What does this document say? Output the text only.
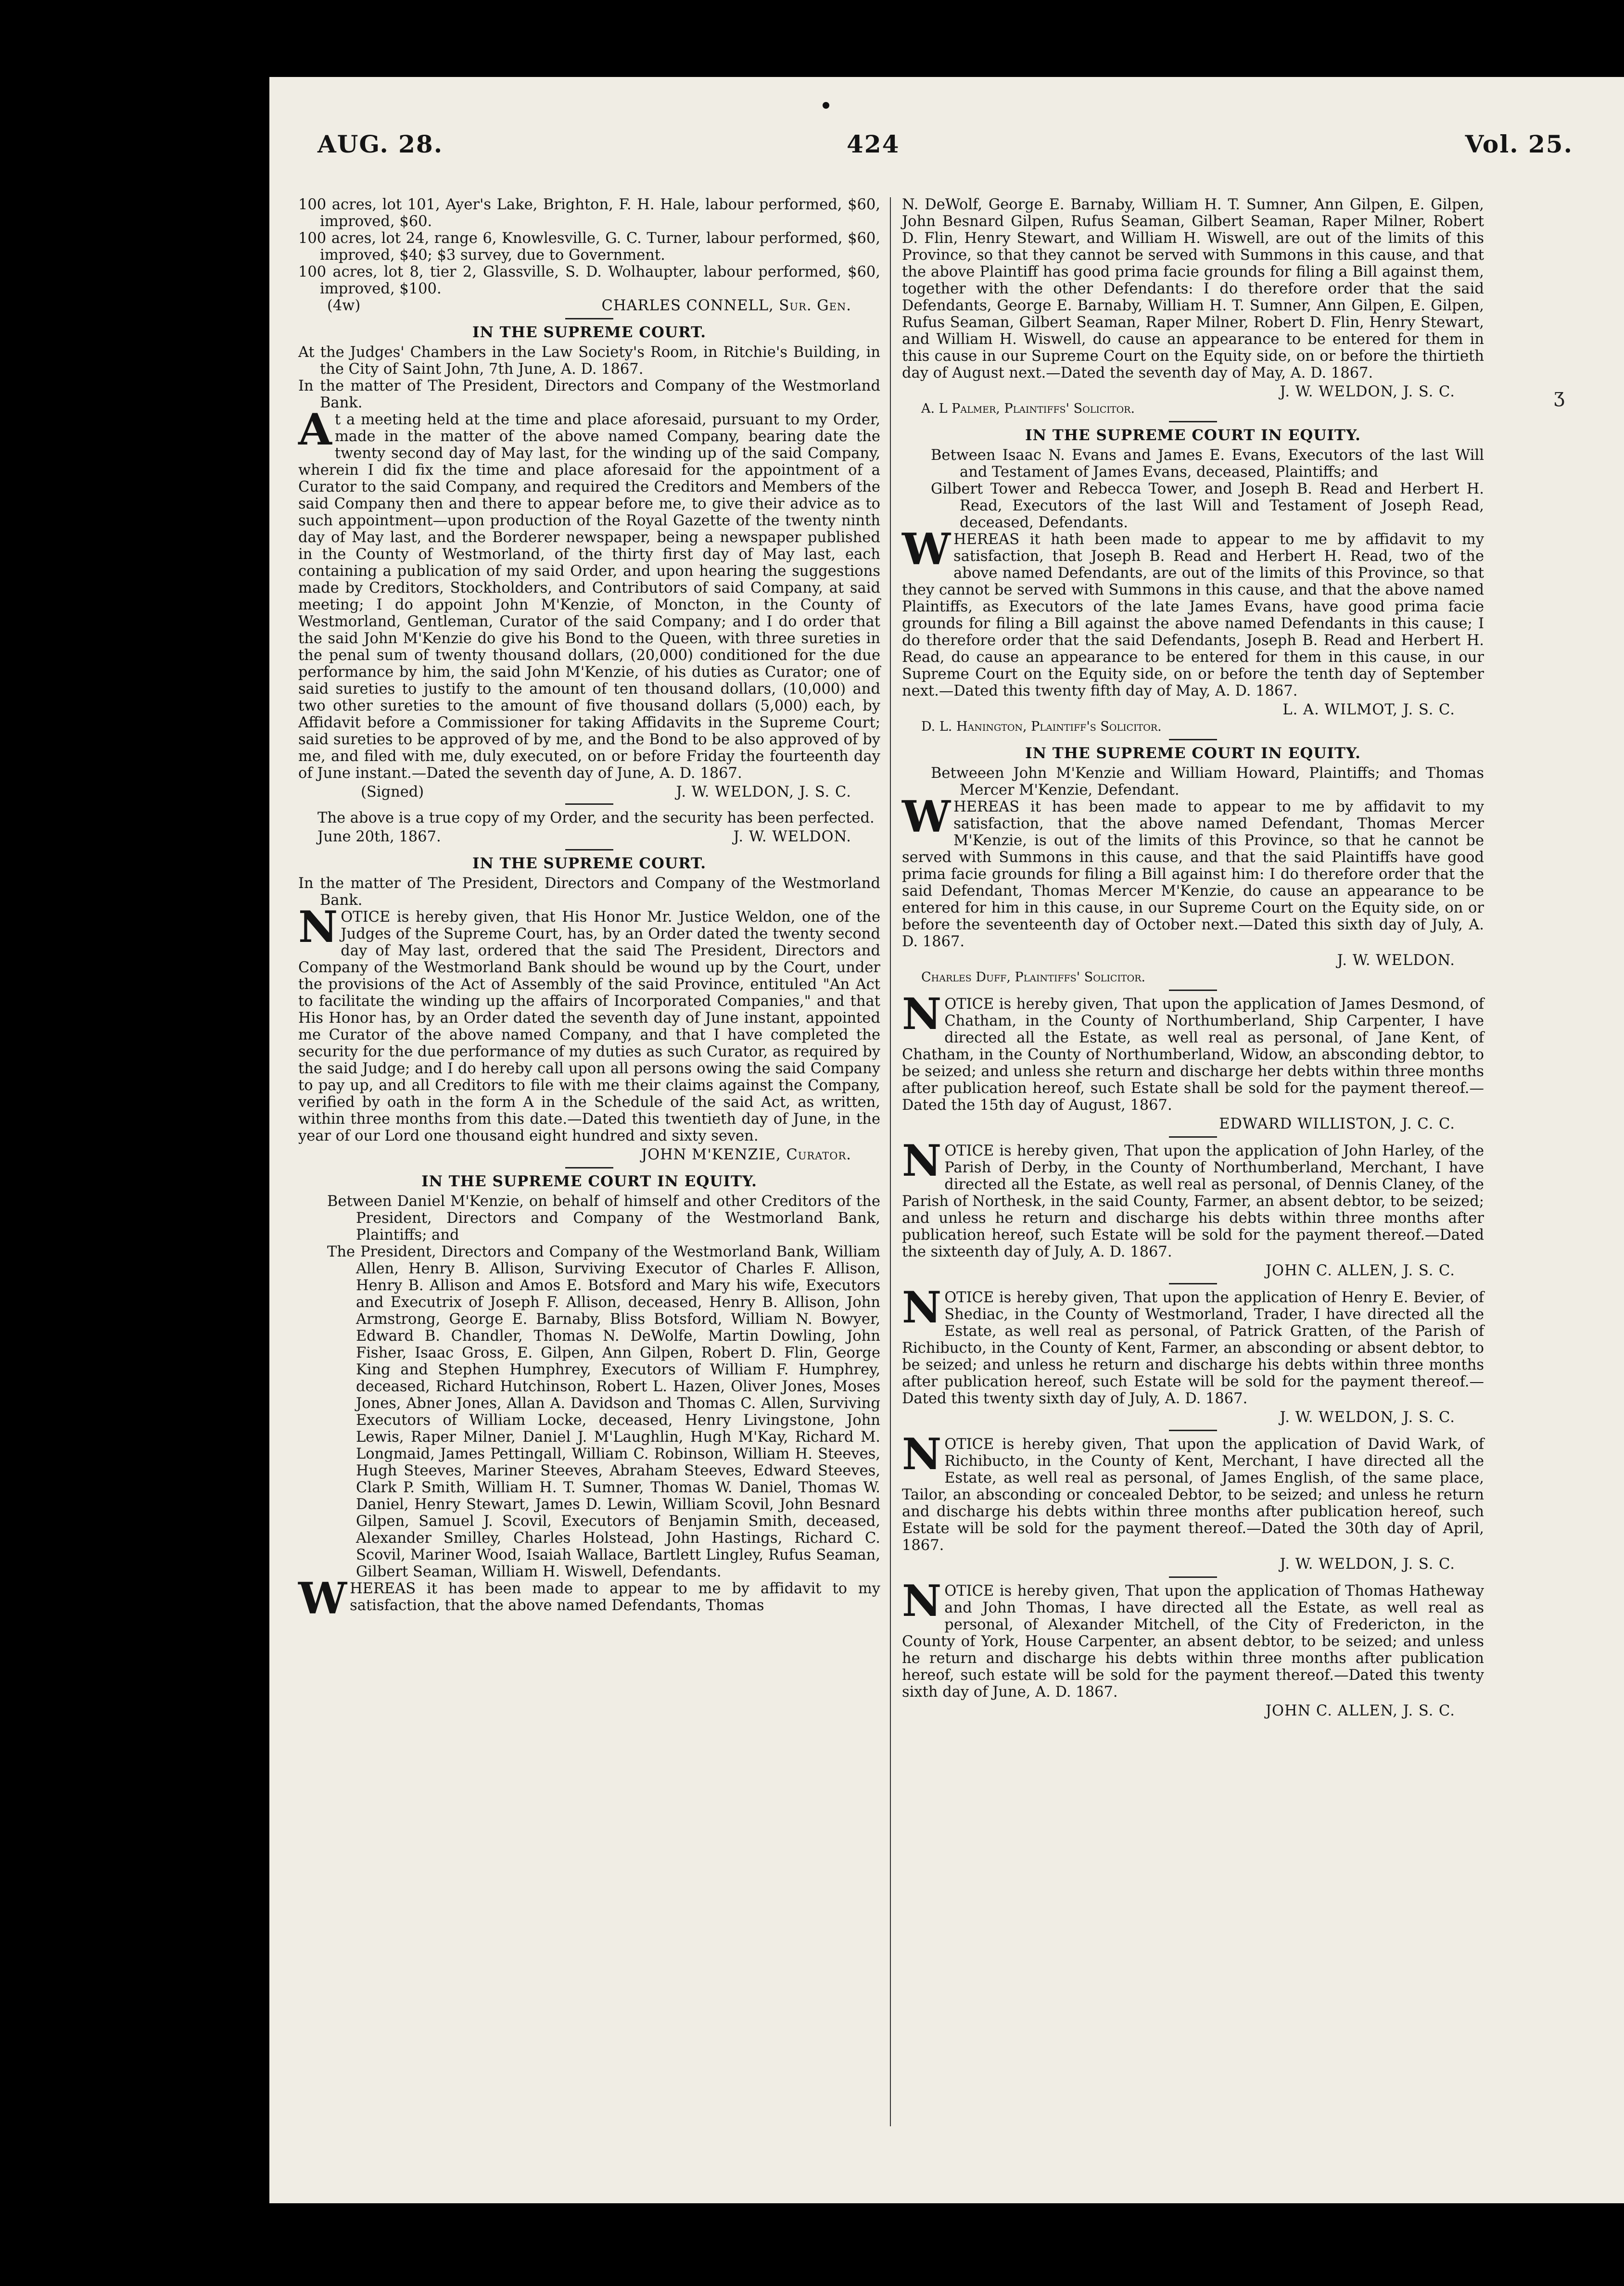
AUG. 28.	424	Vol. 25.
ʒ

100 acres, lot 101, Ayer's Lake, Brighton, F. H. Hale, labour performed, $60, improved, $60.

100 acres, lot 24, range 6, Knowlesville, G. C. Turner, labour performed, $60, improved, $40; $3 survey, due to Government.

100 acres, lot 8, tier 2, Glassville, S. D. Wolhaupter, labour performed, $60, improved, $100.

(4w)	CHARLES CONNELL, Sur. Gen.
IN THE SUPREME COURT.

At the Judges' Chambers in the Law Society's Room, in Ritchie's Building, in the City of Saint John, 7th June, A. D. 1867.

In the matter of The President, Directors and Company of the Westmorland Bank.

At a meeting held at the time and place aforesaid, pursuant to my Order, made in the matter of the above named Company, bearing date the twenty second day of May last, for the winding up of the said Company, wherein I did fix the time and place aforesaid for the appointment of a Curator to the said Company, and required the Creditors and Members of the said Company then and there to appear before me, to give their advice as to such appointment—upon production of the Royal Gazette of the twenty ninth day of May last, and the Borderer newspaper, being a newspaper published in the County of Westmorland, of the thirty first day of May last, each containing a publication of my said Order, and upon hearing the suggestions made by Creditors, Stockholders, and Contributors of said Company, at said meeting; I do appoint John M'Kenzie, of Moncton, in the County of Westmorland, Gentleman, Curator of the said Company; and I do order that the said John M'Kenzie do give his Bond to the Queen, with three sureties in the penal sum of twenty thousand dollars, (20,000) conditioned for the due performance by him, the said John M'Kenzie, of his duties as Curator; one of said sureties to justify to the amount of ten thousand dollars, (10,000) and two other sureties to the amount of five thousand dollars (5,000) each, by Affidavit before a Commissioner for taking Affidavits in the Supreme Court; said sureties to be approved of by me, and the Bond to be also approved of by me, and filed with me, duly executed, on or before Friday the fourteenth day of June instant.—Dated the seventh day of June, A. D. 1867.

(Signed)	J. W. WELDON, J. S. C.

The above is a true copy of my Order, and the security has been perfected.

June 20th, 1867.	J. W. WELDON.
IN THE SUPREME COURT.

In the matter of The President, Directors and Company of the Westmorland Bank.

NOTICE is hereby given, that His Honor Mr. Justice Weldon, one of the Judges of the Supreme Court, has, by an Order dated the twenty second day of May last, ordered that the said The President, Directors and Company of the Westmorland Bank should be wound up by the Court, under the provisions of the Act of Assembly of the said Province, entituled "An Act to facilitate the winding up the affairs of Incorporated Companies," and that His Honor has, by an Order dated the seventh day of June instant, appointed me Curator of the above named Company, and that I have completed the security for the due performance of my duties as such Curator, as required by the said Judge; and I do hereby call upon all persons owing the said Company to pay up, and all Creditors to file with me their claims against the Company, verified by oath in the form A in the Schedule of the said Act, as written, within three months from this date.—Dated this twentieth day of June, in the year of our Lord one thousand eight hundred and sixty seven.

JOHN M'KENZIE, Curator.
IN THE SUPREME COURT IN EQUITY.

Between Daniel M'Kenzie, on behalf of himself and other Creditors of the President, Directors and Company of the Westmorland Bank, Plaintiffs; and

The President, Directors and Company of the Westmorland Bank, William Allen, Henry B. Allison, Surviving Executor of Charles F. Allison, Henry B. Allison and Amos E. Botsford and Mary his wife, Executors and Executrix of Joseph F. Allison, deceased, Henry B. Allison, John Armstrong, George E. Barnaby, Bliss Botsford, William N. Bowyer, Edward B. Chandler, Thomas N. DeWolfe, Martin Dowling, John Fisher, Isaac Gross, E. Gilpen, Ann Gilpen, Robert D. Flin, George King and Stephen Humphrey, Executors of William F. Humphrey, deceased, Richard Hutchinson, Robert L. Hazen, Oliver Jones, Moses Jones, Abner Jones, Allan A. Davidson and Thomas C. Allen, Surviving Executors of William Locke, deceased, Henry Livingstone, John Lewis, Raper Milner, Daniel J. M'Laughlin, Hugh M'Kay, Richard M. Longmaid, James Pettingall, William C. Robinson, William H. Steeves, Hugh Steeves, Mariner Steeves, Abraham Steeves, Edward Steeves, Clark P. Smith, William H. T. Sumner, Thomas W. Daniel, Thomas W. Daniel, Henry Stewart, James D. Lewin, William Scovil, John Besnard Gilpen, Samuel J. Scovil, Executors of Benjamin Smith, deceased, Alexander Smilley, Charles Holstead, John Hastings, Richard C. Scovil, Mariner Wood, Isaiah Wallace, Bartlett Lingley, Rufus Seaman, Gilbert Seaman, William H. Wiswell, Defendants.

WHEREAS it has been made to appear to me by affidavit to my satisfaction, that the above named Defendants, Thomas

N. DeWolf, George E. Barnaby, William H. T. Sumner, Ann Gilpen, E. Gilpen, John Besnard Gilpen, Rufus Seaman, Gilbert Seaman, Raper Milner, Robert D. Flin, Henry Stewart, and William H. Wiswell, are out of the limits of this Province, so that they cannot be served with Summons in this cause, and that the above Plaintiff has good prima facie grounds for filing a Bill against them, together with the other Defendants: I do therefore order that the said Defendants, George E. Barnaby, William H. T. Sumner, Ann Gilpen, E. Gilpen, Rufus Seaman, Gilbert Seaman, Raper Milner, Robert D. Flin, Henry Stewart, and William H. Wiswell, do cause an appearance to be entered for them in this cause in our Supreme Court on the Equity side, on or before the thirtieth day of August next.—Dated the seventh day of May, A. D. 1867.

J. W. WELDON, J. S. C.
A. L Palmer, Plaintiffs' Solicitor.
IN THE SUPREME COURT IN EQUITY.

Between Isaac N. Evans and James E. Evans, Executors of the last Will and Testament of James Evans, deceased, Plaintiffs; and

Gilbert Tower and Rebecca Tower, and Joseph B. Read and Herbert H. Read, Executors of the last Will and Testament of Joseph Read, deceased, Defendants.

WHEREAS it hath been made to appear to me by affidavit to my satisfaction, that Joseph B. Read and Herbert H. Read, two of the above named Defendants, are out of the limits of this Province, so that they cannot be served with Summons in this cause, and that the above named Plaintiffs, as Executors of the late James Evans, have good prima facie grounds for filing a Bill against the above named Defendants in this cause; I do therefore order that the said Defendants, Joseph B. Read and Herbert H. Read, do cause an appearance to be entered for them in this cause, in our Supreme Court on the Equity side, on or before the tenth day of September next.—Dated this twenty fifth day of May, A. D. 1867.

L. A. WILMOT, J. S. C.
D. L. Hanington, Plaintiff's Solicitor.
IN THE SUPREME COURT IN EQUITY.

Betweeen John M'Kenzie and William Howard, Plaintiffs; and Thomas Mercer M'Kenzie, Defendant.

WHEREAS it has been made to appear to me by affidavit to my satisfaction, that the above named Defendant, Thomas Mercer M'Kenzie, is out of the limits of this Province, so that he cannot be served with Summons in this cause, and that the said Plaintiffs have good prima facie grounds for filing a Bill against him: I do therefore order that the said Defendant, Thomas Mercer M'Kenzie, do cause an appearance to be entered for him in this cause, in our Supreme Court on the Equity side, on or before the seventeenth day of October next.—Dated this sixth day of July, A. D. 1867.

J. W. WELDON.
Charles Duff, Plaintiffs' Solicitor.

NOTICE is hereby given, That upon the application of James Desmond, of Chatham, in the County of Northumberland, Ship Carpenter, I have directed all the Estate, as well real as personal, of Jane Kent, of Chatham, in the County of Northumberland, Widow, an absconding debtor, to be seized; and unless she return and discharge her debts within three months after publication hereof, such Estate shall be sold for the payment thereof.—Dated the 15th day of August, 1867.

EDWARD WILLISTON, J. C. C.

NOTICE is hereby given, That upon the application of John Harley, of the Parish of Derby, in the County of Northumberland, Merchant, I have directed all the Estate, as well real as personal, of Dennis Claney, of the Parish of Northesk, in the said County, Farmer, an absent debtor, to be seized; and unless he return and discharge his debts within three months after publication hereof, such Estate will be sold for the payment thereof.—Dated the sixteenth day of July, A. D. 1867.

JOHN C. ALLEN, J. S. C.

NOTICE is hereby given, That upon the application of Henry E. Bevier, of Shediac, in the County of Westmorland, Trader, I have directed all the Estate, as well real as personal, of Patrick Gratten, of the Parish of Richibucto, in the County of Kent, Farmer, an absconding or absent debtor, to be seized; and unless he return and discharge his debts within three months after publication hereof, such Estate will be sold for the payment thereof.—Dated this twenty sixth day of July, A. D. 1867.

J. W. WELDON, J. S. C.

NOTICE is hereby given, That upon the application of David Wark, of Richibucto, in the County of Kent, Merchant, I have directed all the Estate, as well real as personal, of James English, of the same place, Tailor, an absconding or concealed Debtor, to be seized; and unless he return and discharge his debts within three months after publication hereof, such Estate will be sold for the payment thereof.—Dated the 30th day of April, 1867.

J. W. WELDON, J. S. C.

NOTICE is hereby given, That upon the application of Thomas Hatheway and John Thomas, I have directed all the Estate, as well real as personal, of Alexander Mitchell, of the City of Fredericton, in the County of York, House Carpenter, an absent debtor, to be seized; and unless he return and discharge his debts within three months after publication hereof, such estate will be sold for the payment thereof.—Dated this twenty sixth day of June, A. D. 1867.

JOHN C. ALLEN, J. S. C.
